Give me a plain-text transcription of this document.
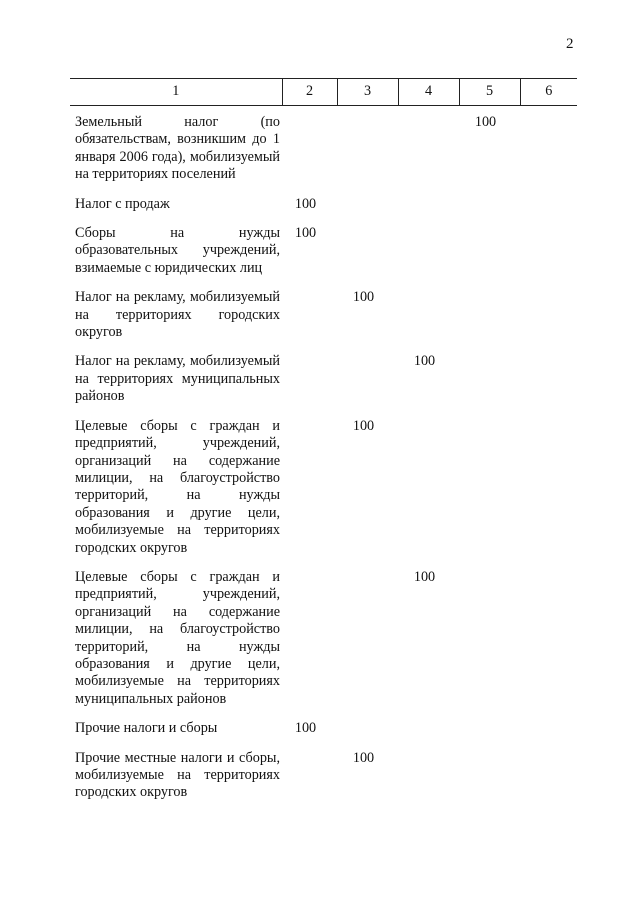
2
1	2	3	4	5	6
Земельный налог (по обязательствам, возникшим до 1 января 2006 года), мобилизуемый на территориях поселений				100	
Налог с продаж	100				
Сборы на нужды образовательных учреждений, взимаемые с юридических лиц	100				
Налог на рекламу, мобилизуемый на территориях городских округов		100			
Налог на рекламу, мобилизуемый на территориях муниципальных районов			100		
Целевые сборы с граждан и предприятий, учреждений, организаций на содержание милиции, на благоустройство территорий, на нужды образования и другие цели, мобилизуемые на территориях городских округов		100			
Целевые сборы с граждан и предприятий, учреждений, организаций на содержание милиции, на благоустройство территорий, на нужды образования и другие цели, мобилизуемые на территориях муниципальных районов			100		
Прочие налоги и сборы	100				
Прочие местные налоги и сборы, мобилизуемые на территориях городских округов		100			
